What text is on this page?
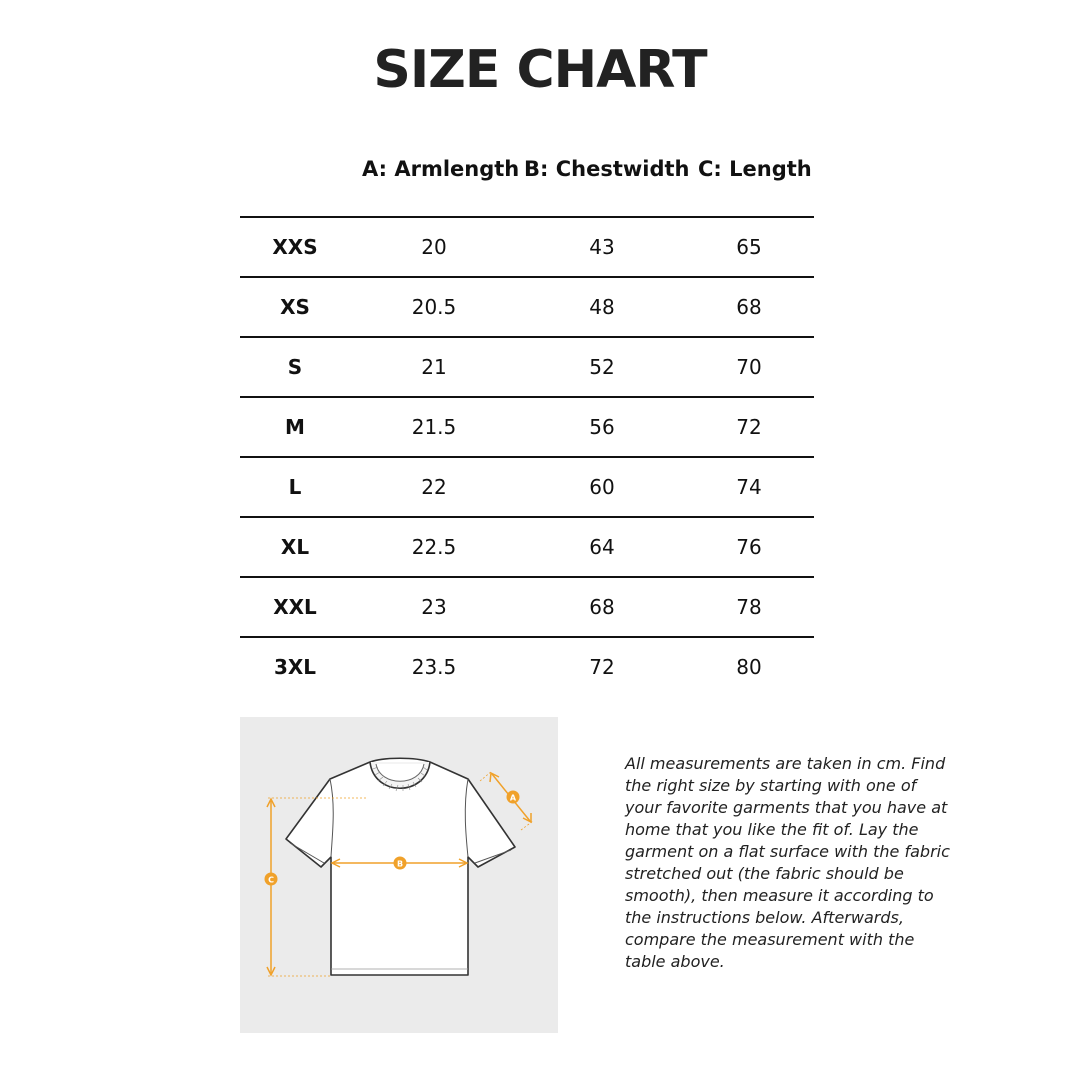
SIZE CHART
A: Armlength B: Chestwidth C: Length
XXS	20	43	65
XS	20.5	48	68
S	21	52	70
M	21.5	56	72
L	22	60	74
XL	22.5	64	76
XXL	23	68	78
3XL	23.5	72	80
C
B
A
All measurements are taken in cm. Find the right size by starting with one of your favorite garments that you have at home that you like the fit of. Lay the garment on a flat surface with the fabric stretched out (the fabric should be smooth), then measure it according to the instructions below. Afterwards, compare the measurement with the table above.
